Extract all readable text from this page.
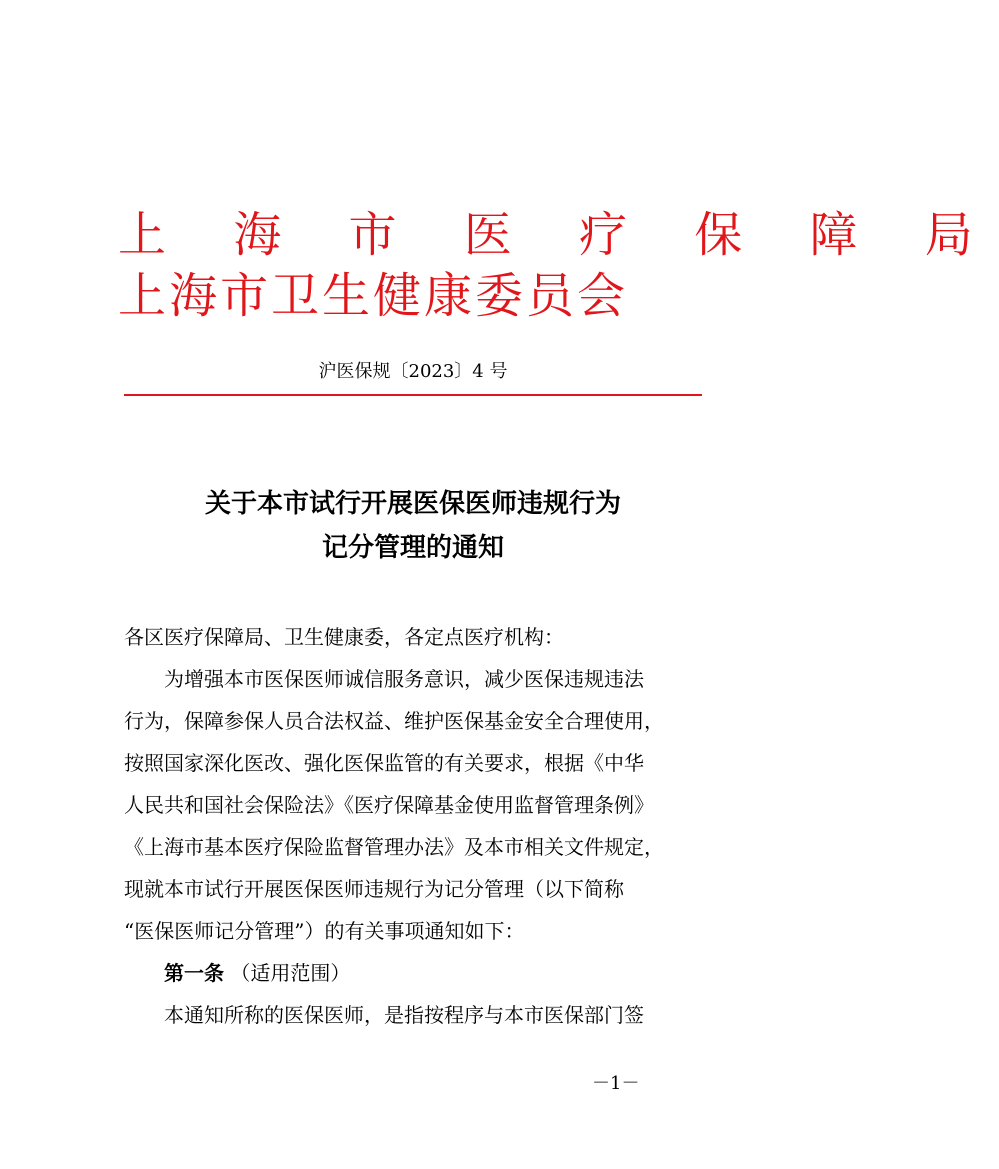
上 海 市 医 疗 保 障 局
上海市卫生健康委员会
沪医保规〔2023〕4 号
关于本市试行开展医保医师违规行为
记分管理的通知
各区医疗保障局、卫生健康委，各定点医疗机构：
　　为增强本市医保医师诚信服务意识，减少医保违规违法
行为，保障参保人员合法权益、维护医保基金安全合理使用，
按照国家深化医改、强化医保监管的有关要求，根据《中华
人民共和国社会保险法》《医疗保障基金使用监督管理条例》
《上海市基本医疗保险监督管理办法》及本市相关文件规定，
现就本市试行开展医保医师违规行为记分管理（以下简称
“医保医师记分管理”）的有关事项通知如下：
第一条 （适用范围）
本通知所称的医保医师，是指按程序与本市医保部门签
－1－
